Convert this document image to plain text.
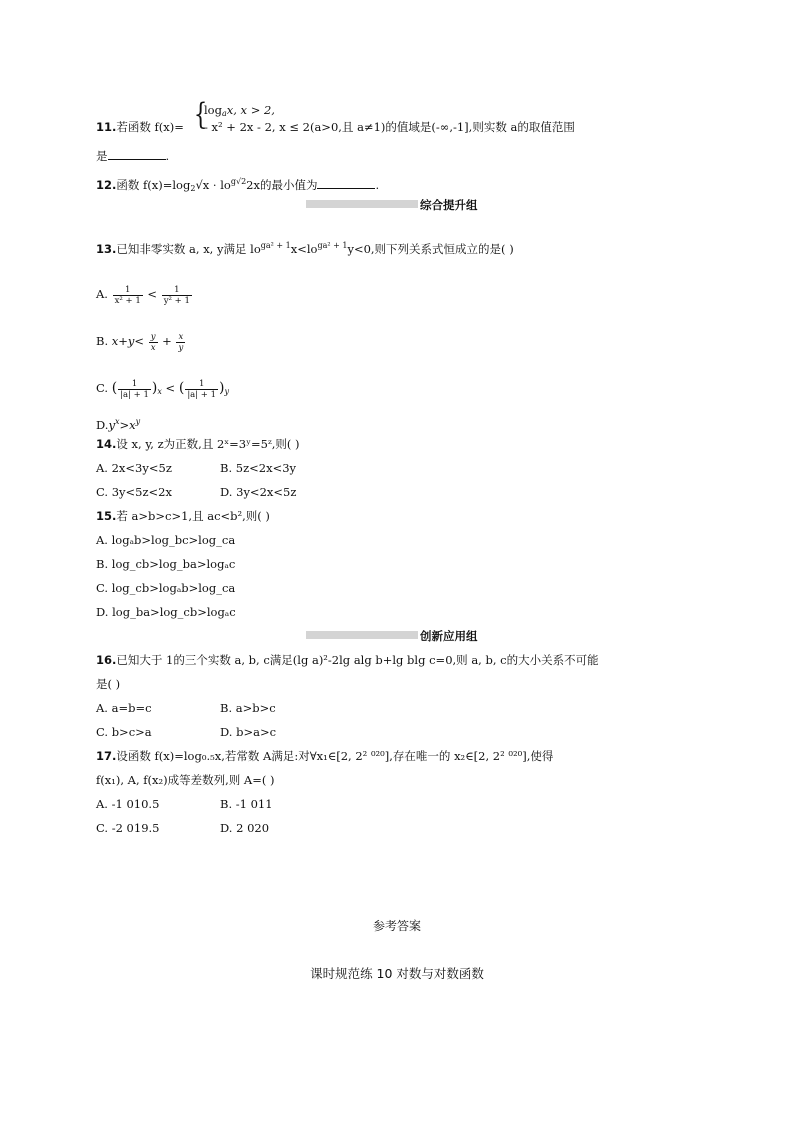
{
$\log_ax$, x > 2,
11.若函数 f(x)= - x² + 2x - 2, x ≤ 2(a>0,且 a≠1)的值域是(-∞,-1],则实数 a的取值范围
是	.
12.函数 $f(x)=\log_2√x \cdot lo^{g√2}2x$的最小值为	.
综合提升组
13.已知非零实数 a, x, y满足 $lo^{ga^2 + 1}x<lo^{ga^2 + 1}y<0$,则下列关系式恒成立的是( )
A. $\frac{1}{\text{x² + 1}} < \frac{1}{\text{y² + 1}}$
B. $x+y< \frac{y}{x} + \frac{x}{y}$
C. ( $\frac{1}{|a| + 1} )_x$ < ( $\frac{1}{|a| + 1} )_y$
$D.y^x>x^y$
14.设 x, y, z为正数,且 2ˣ=3ʸ=5ᶻ,则( )
A. 2x<3y<5z	B. 5z<2x<3y
C. 3y<5z<2x	D. 3y<2x<5z
15.若 a>b>c>1,且 ac<b²,则( )
A. logₐb>log_bc>log_ca
B. log_cb>log_ba>logₐc
C. log_cb>logₐb>log_ca
D. log_ba>log_cb>logₐc
创新应用组
16.已知大于 1的三个实数 a, b, c满足(lg a)²-2lg alg b+lg blg c=0,则 a, b, c的大小关系不可能
是( )
A. a=b=c	B. a>b>c
C. b>c>a	D. b>a>c
17.设函数 f(x)=log₀.₅x,若常数 A满足:对∀x₁∈[2, 2² ⁰²⁰],存在唯一的 x₂∈[2, 2² ⁰²⁰],使得
f(x₁), A, f(x₂)成等差数列,则 A=( )
A. -1 010.5	B. -1 011
C. -2 019.5	D. 2 020
参考答案
课时规范练 10 对数与对数函数
